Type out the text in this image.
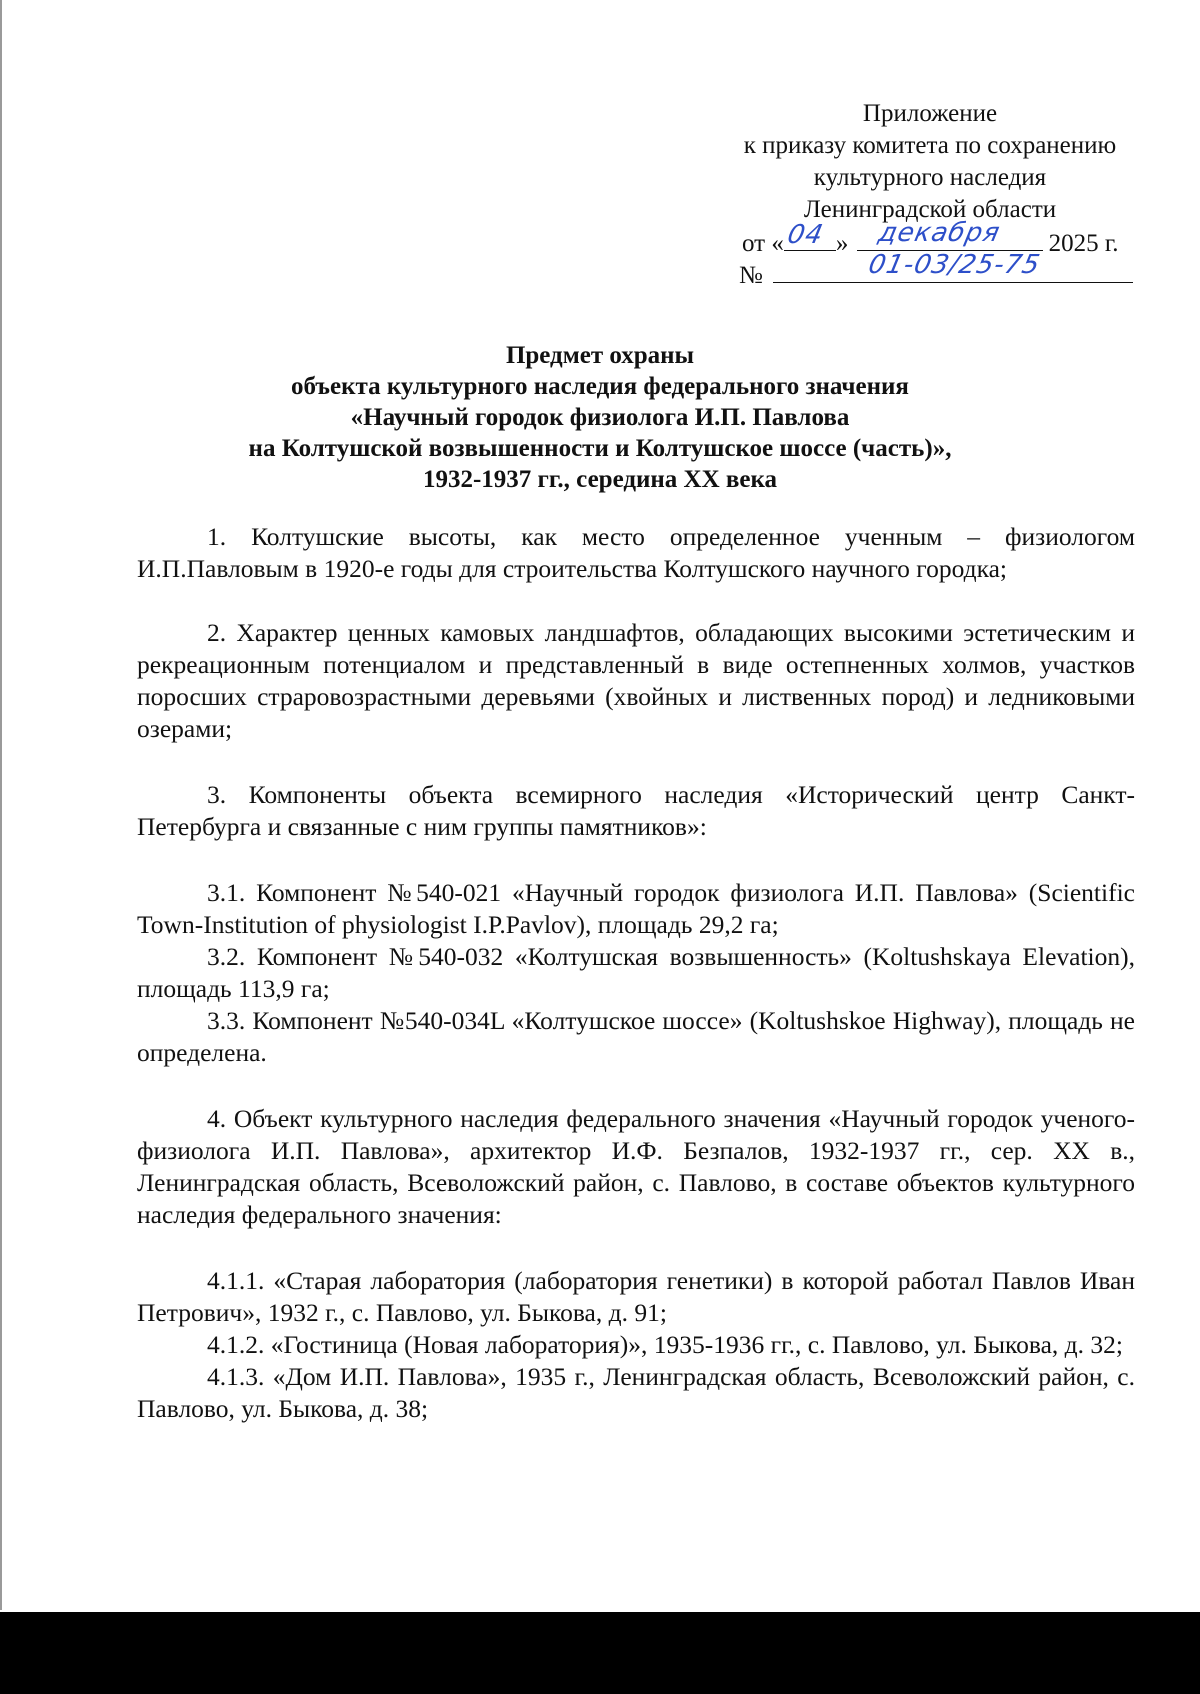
Приложение
к приказу комитета по сохранению
культурного наследия
Ленинградской области
от « 04 » декабря 2025 г.
№	01-03/25-75
Предмет охраны
объекта культурного наследия федерального значения
«Научный городок физиолога И.П. Павлова
на Колтушской возвышенности и Колтушское шоссе (часть)»,
1932-1937 гг., середина XX века

1. Колтушские высоты, как место определенное ученным – физиологом И.П.Павловым в 1920-е годы для строительства Колтушского научного городка;

2. Характер ценных камовых ландшафтов, обладающих высокими эстетическим и рекреационным потенциалом и представленный в виде остепненных холмов, участков поросших страровозрастными деревьями (хвойных и лиственных пород) и ледниковыми озерами;

3. Компоненты объекта всемирного наследия «Исторический центр Санкт-Петербурга и связанные с ним группы памятников»:

3.1. Компонент №540-021 «Научный городок физиолога И.П. Павлова» (Scientific Town-Institution of physiologist I.P.Pavlov), площадь 29,2 га;

3.2. Компонент №540-032 «Колтушская возвышенность» (Koltushskaya Elevation), площадь 113,9 га;

3.3. Компонент №540-034L «Колтушское шоссе» (Koltushskoe Highway), площадь не определена.

4. Объект культурного наследия федерального значения «Научный городок ученого-физиолога И.П. Павлова», архитектор И.Ф. Безпалов, 1932-1937 гг., сер. XX в., Ленинградская область, Всеволожский район, с. Павлово, в составе объектов культурного наследия федерального значения:

4.1.1. «Старая лаборатория (лаборатория генетики) в которой работал Павлов Иван Петрович», 1932 г., с. Павлово, ул. Быкова, д. 91;

4.1.2. «Гостиница (Новая лаборатория)», 1935-1936 гг., с. Павлово, ул. Быкова, д. 32;

4.1.3. «Дом И.П. Павлова», 1935 г., Ленинградская область, Всеволожский район, с. Павлово, ул. Быкова, д. 38;
